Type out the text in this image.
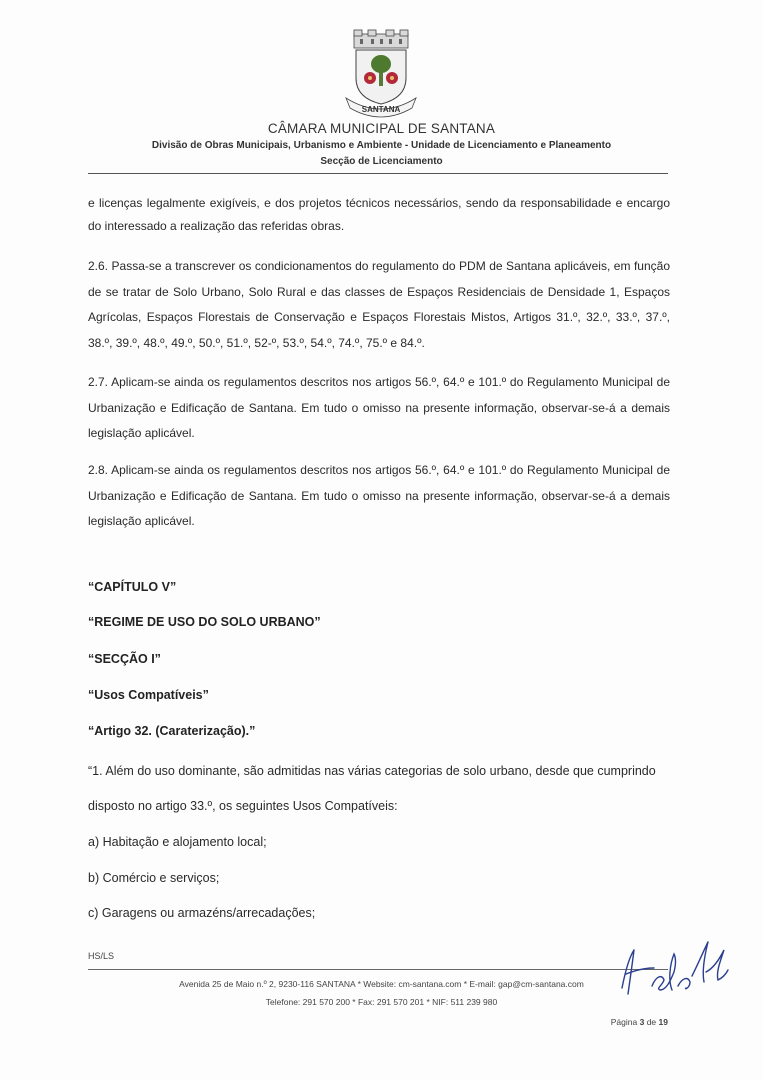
SANTANA
CÂMARA MUNICIPAL DE SANTANA
Divisão de Obras Municipais, Urbanismo e Ambiente - Unidade de Licenciamento e Planeamento
Secção de Licenciamento
e licenças legalmente exigíveis, e dos projetos técnicos necessários, sendo da responsabilidade e encargo do interessado a realização das referidas obras.
2.6. Passa-se a transcrever os condicionamentos do regulamento do PDM de Santana aplicáveis, em função de se tratar de Solo Urbano, Solo Rural e das classes de Espaços Residenciais de Densidade 1, Espaços Agrícolas, Espaços Florestais de Conservação e Espaços Florestais Mistos, Artigos 31.º, 32.º, 33.º, 37.º, 38.º, 39.º, 48.º, 49.º, 50.º, 51.º, 52-º, 53.º, 54.º, 74.º, 75.º e 84.º.
2.7. Aplicam-se ainda os regulamentos descritos nos artigos 56.º, 64.º e 101.º do Regulamento Municipal de Urbanização e Edificação de Santana. Em tudo o omisso na presente informação, observar-se-á a demais legislação aplicável.
2.8. Aplicam-se ainda os regulamentos descritos nos artigos 56.º, 64.º e 101.º do Regulamento Municipal de Urbanização e Edificação de Santana. Em tudo o omisso na presente informação, observar-se-á a demais legislação aplicável.
“CAPÍTULO V”
“REGIME DE USO DO SOLO URBANO”
“SECÇÃO I”
“Usos Compatíveis”
“Artigo 32. (Caraterização).”
“1. Além do uso dominante, são admitidas nas várias categorias de solo urbano, desde que cumprindo
disposto no artigo 33.º, os seguintes Usos Compatíveis:
a) Habitação e alojamento local;
b) Comércio e serviços;
c) Garagens ou armazéns/arrecadações;
HS/LS
Avenida 25 de Maio n.º 2, 9230-116 SANTANA * Website: cm-santana.com * E-mail: gap@cm-santana.com
Telefone: 291 570 200 * Fax: 291 570 201 * NIF: 511 239 980
Página 3 de 19
